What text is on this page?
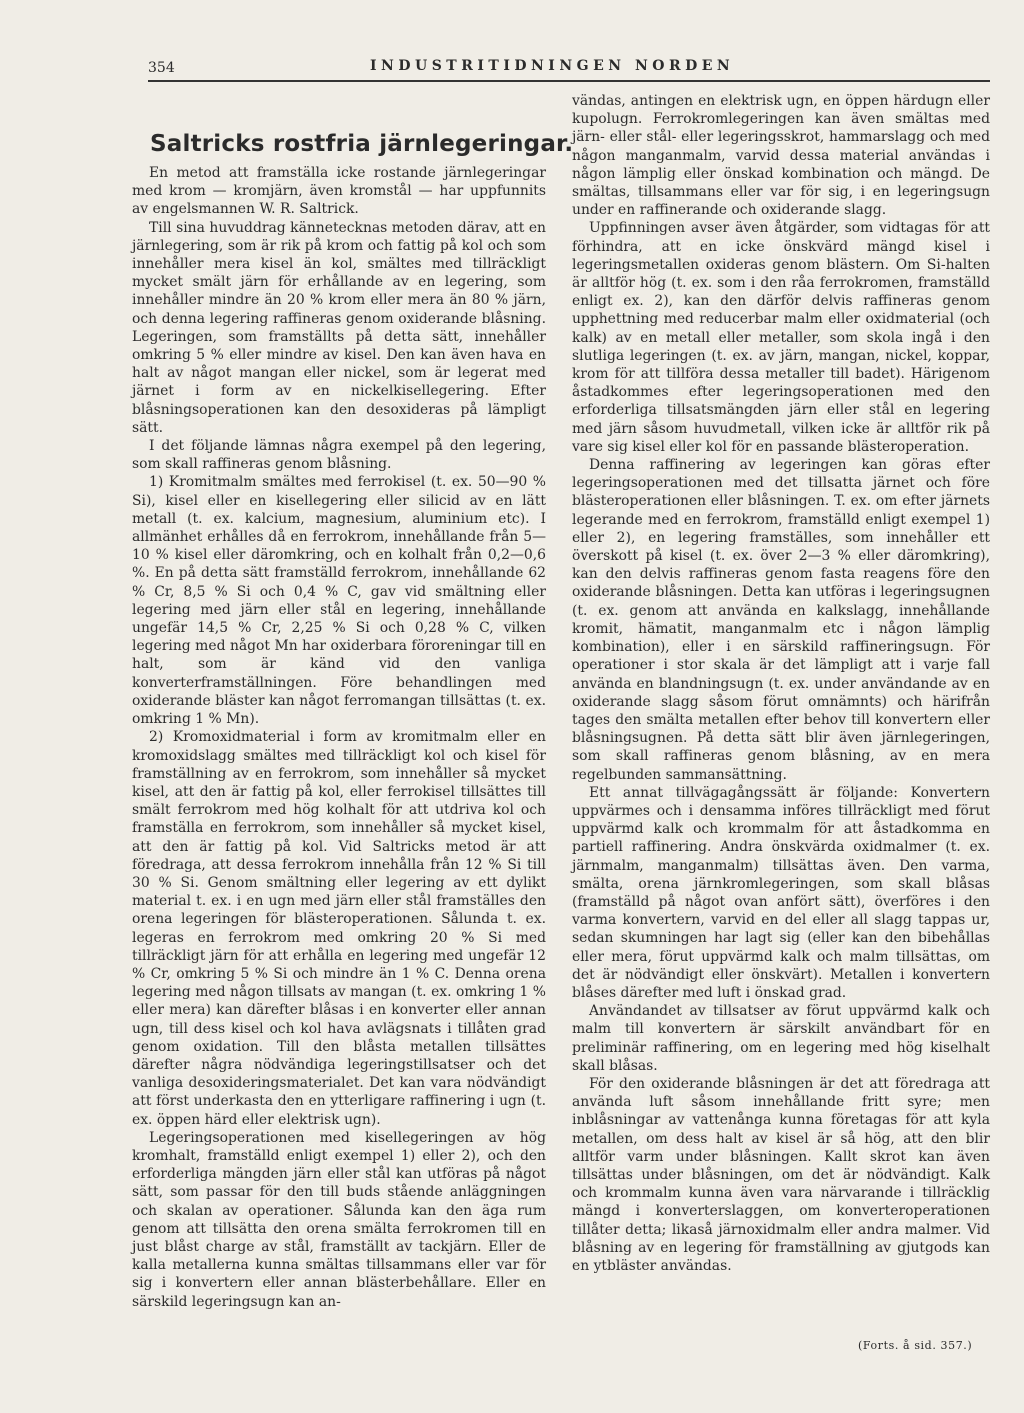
354	INDUSTRITIDNINGEN NORDEN
Saltricks rostfria järnlegeringar.

En metod att framställa icke rostande järnlegeringar med krom — kromjärn, även kromstål — har uppfunnits av engelsmannen W. R. Saltrick.

Till sina huvuddrag kännetecknas metoden därav, att en järnlegering, som är rik på krom och fattig på kol och som innehåller mera kisel än kol, smältes med tillräckligt mycket smält järn för erhållande av en legering, som innehåller mindre än 20 % krom eller mera än 80 % järn, och denna legering raffineras genom oxiderande blåsning. Legeringen, som framställts på detta sätt, innehåller omkring 5 % eller mindre av kisel. Den kan även hava en halt av något mangan eller nickel, som är legerat med järnet i form av en nickelkisellegering. Efter blåsningsoperationen kan den desoxideras på lämpligt sätt.

I det följande lämnas några exempel på den legering, som skall raffineras genom blåsning.

1) Kromitmalm smältes med ferrokisel (t. ex. 50—90 % Si), kisel eller en kisellegering eller silicid av en lätt metall (t. ex. kalcium, magnesium, aluminium etc). I allmänhet erhålles då en ferrokrom, innehållande från 5—10 % kisel eller däromkring, och en kolhalt från 0,2—0,6 %. En på detta sätt framställd ferrokrom, innehållande 62 % Cr, 8,5 % Si och 0,4 % C, gav vid smältning eller legering med järn eller stål en legering, innehållande ungefär 14,5 % Cr, 2,25 % Si och 0,28 % C, vilken legering med något Mn har oxiderbara föroreningar till en halt, som är känd vid den vanliga konverterframställningen. Före behandlingen med oxiderande bläster kan något ferromangan tillsättas (t. ex. omkring 1 % Mn).

2) Kromoxidmaterial i form av kromitmalm eller en kromoxidslagg smältes med tillräckligt kol och kisel för framställning av en ferrokrom, som innehåller så mycket kisel, att den är fattig på kol, eller ferrokisel tillsättes till smält ferrokrom med hög kolhalt för att utdriva kol och framställa en ferrokrom, som innehåller så mycket kisel, att den är fattig på kol. Vid Saltricks metod är att föredraga, att dessa ferrokrom innehålla från 12 % Si till 30 % Si. Genom smältning eller legering av ett dylikt material t. ex. i en ugn med järn eller stål framställes den orena legeringen för blästeroperationen. Sålunda t. ex. legeras en ferrokrom med omkring 20 % Si med tillräckligt järn för att erhålla en legering med ungefär 12 % Cr, omkring 5 % Si och mindre än 1 % C. Denna orena legering med någon tillsats av mangan (t. ex. omkring 1 % eller mera) kan därefter blåsas i en konverter eller annan ugn, till dess kisel och kol hava avlägsnats i tillåten grad genom oxidation. Till den blåsta metallen tillsättes därefter några nödvändiga legeringstillsatser och det vanliga desoxideringsmaterialet. Det kan vara nödvändigt att först underkasta den en ytterligare raffinering i ugn (t. ex. öppen härd eller elektrisk ugn).

Legeringsoperationen med kisellegeringen av hög kromhalt, framställd enligt exempel 1) eller 2), och den erforderliga mängden järn eller stål kan utföras på något sätt, som passar för den till buds stående anläggningen och skalan av operationer. Sålunda kan den äga rum genom att tillsätta den orena smälta ferrokromen till en just blåst charge av stål, framställt av tackjärn. Eller de kalla metallerna kunna smältas tillsammans eller var för sig i konvertern eller annan blästerbehållare. Eller en särskild legeringsugn kan an-

vändas, antingen en elektrisk ugn, en öppen härdugn eller kupolugn. Ferrokromlegeringen kan även smältas med järn- eller stål- eller legeringsskrot, hammarslagg och med någon manganmalm, varvid dessa material användas i någon lämplig eller önskad kombination och mängd. De smältas, tillsammans eller var för sig, i en legeringsugn under en raffinerande och oxiderande slagg.

Uppfinningen avser även åtgärder, som vidtagas för att förhindra, att en icke önskvärd mängd kisel i legeringsmetallen oxideras genom blästern. Om Si-halten är alltför hög (t. ex. som i den råa ferrokromen, framställd enligt ex. 2), kan den därför delvis raffineras genom upphettning med reducerbar malm eller oxidmaterial (och kalk) av en metall eller metaller, som skola ingå i den slutliga legeringen (t. ex. av järn, mangan, nickel, koppar, krom för att tillföra dessa metaller till badet). Härigenom åstadkommes efter legeringsoperationen med den erforderliga tillsatsmängden järn eller stål en legering med järn såsom huvudmetall, vilken icke är alltför rik på vare sig kisel eller kol för en passande blästeroperation.

Denna raffinering av legeringen kan göras efter legeringsoperationen med det tillsatta järnet och före blästeroperationen eller blåsningen. T. ex. om efter järnets legerande med en ferrokrom, framställd enligt exempel 1) eller 2), en legering framställes, som innehåller ett överskott på kisel (t. ex. över 2—3 % eller däromkring), kan den delvis raffineras genom fasta reagens före den oxiderande blåsningen. Detta kan utföras i legeringsugnen (t. ex. genom att använda en kalkslagg, innehållande kromit, hämatit, manganmalm etc i någon lämplig kombination), eller i en särskild raffineringsugn. För operationer i stor skala är det lämpligt att i varje fall använda en blandningsugn (t. ex. under användande av en oxiderande slagg såsom förut omnämnts) och härifrån tages den smälta metallen efter behov till konvertern eller blåsningsugnen. På detta sätt blir även järnlegeringen, som skall raffineras genom blåsning, av en mera regelbunden sammansättning.

Ett annat tillvägagångssätt är följande: Konvertern uppvärmes och i densamma införes tillräckligt med förut uppvärmd kalk och krommalm för att åstadkomma en partiell raffinering. Andra önskvärda oxidmalmer (t. ex. järnmalm, manganmalm) tillsättas även. Den varma, smälta, orena järnkromlegeringen, som skall blåsas (framställd på något ovan anfört sätt), överföres i den varma konvertern, varvid en del eller all slagg tappas ur, sedan skumningen har lagt sig (eller kan den bibehållas eller mera, förut uppvärmd kalk och malm tillsättas, om det är nödvändigt eller önskvärt). Metallen i konvertern blåses därefter med luft i önskad grad.

Användandet av tillsatser av förut uppvärmd kalk och malm till konvertern är särskilt användbart för en preliminär raffinering, om en legering med hög kiselhalt skall blåsas.

För den oxiderande blåsningen är det att föredraga att använda luft såsom innehållande fritt syre; men inblåsningar av vattenånga kunna företagas för att kyla metallen, om dess halt av kisel är så hög, att den blir alltför varm under blåsningen. Kallt skrot kan även tillsättas under blåsningen, om det är nödvändigt. Kalk och krommalm kunna även vara närvarande i tillräcklig mängd i konverterslaggen, om konverteroperationen tillåter detta; likaså järnoxidmalm eller andra malmer. Vid blåsning av en legering för framställning av gjutgods kan en ytbläster användas.

(Forts. å sid. 357.)
